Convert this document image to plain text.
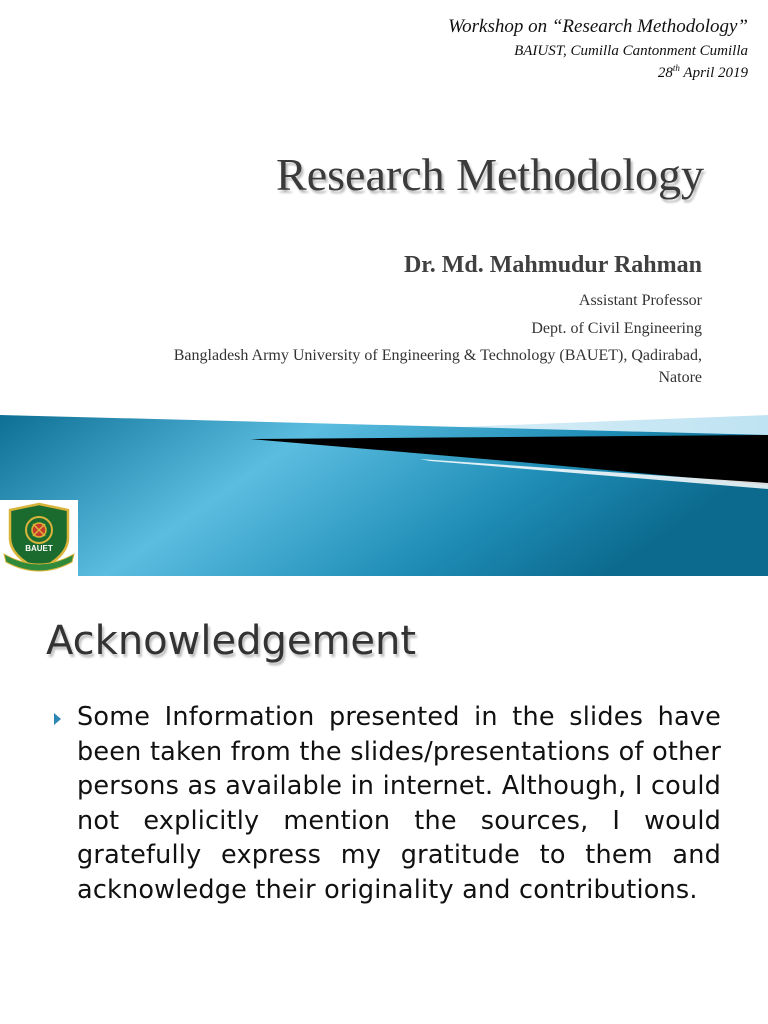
Workshop on “Research Methodology”
BAIUST, Cumilla Cantonment Cumilla
28th April 2019
Research Methodology
Dr. Md. Mahmudur Rahman
Assistant Professor
Dept. of Civil Engineering
Bangladesh Army University of Engineering & Technology (BAUET), Qadirabad,
Natore
BAUET
Acknowledgement
Some Information presented in the slides have been taken from the slides/presentations of other persons as available in internet. Although, I could not explicitly mention the sources, I would gratefully express my gratitude to them and acknowledge their originality and contributions.
